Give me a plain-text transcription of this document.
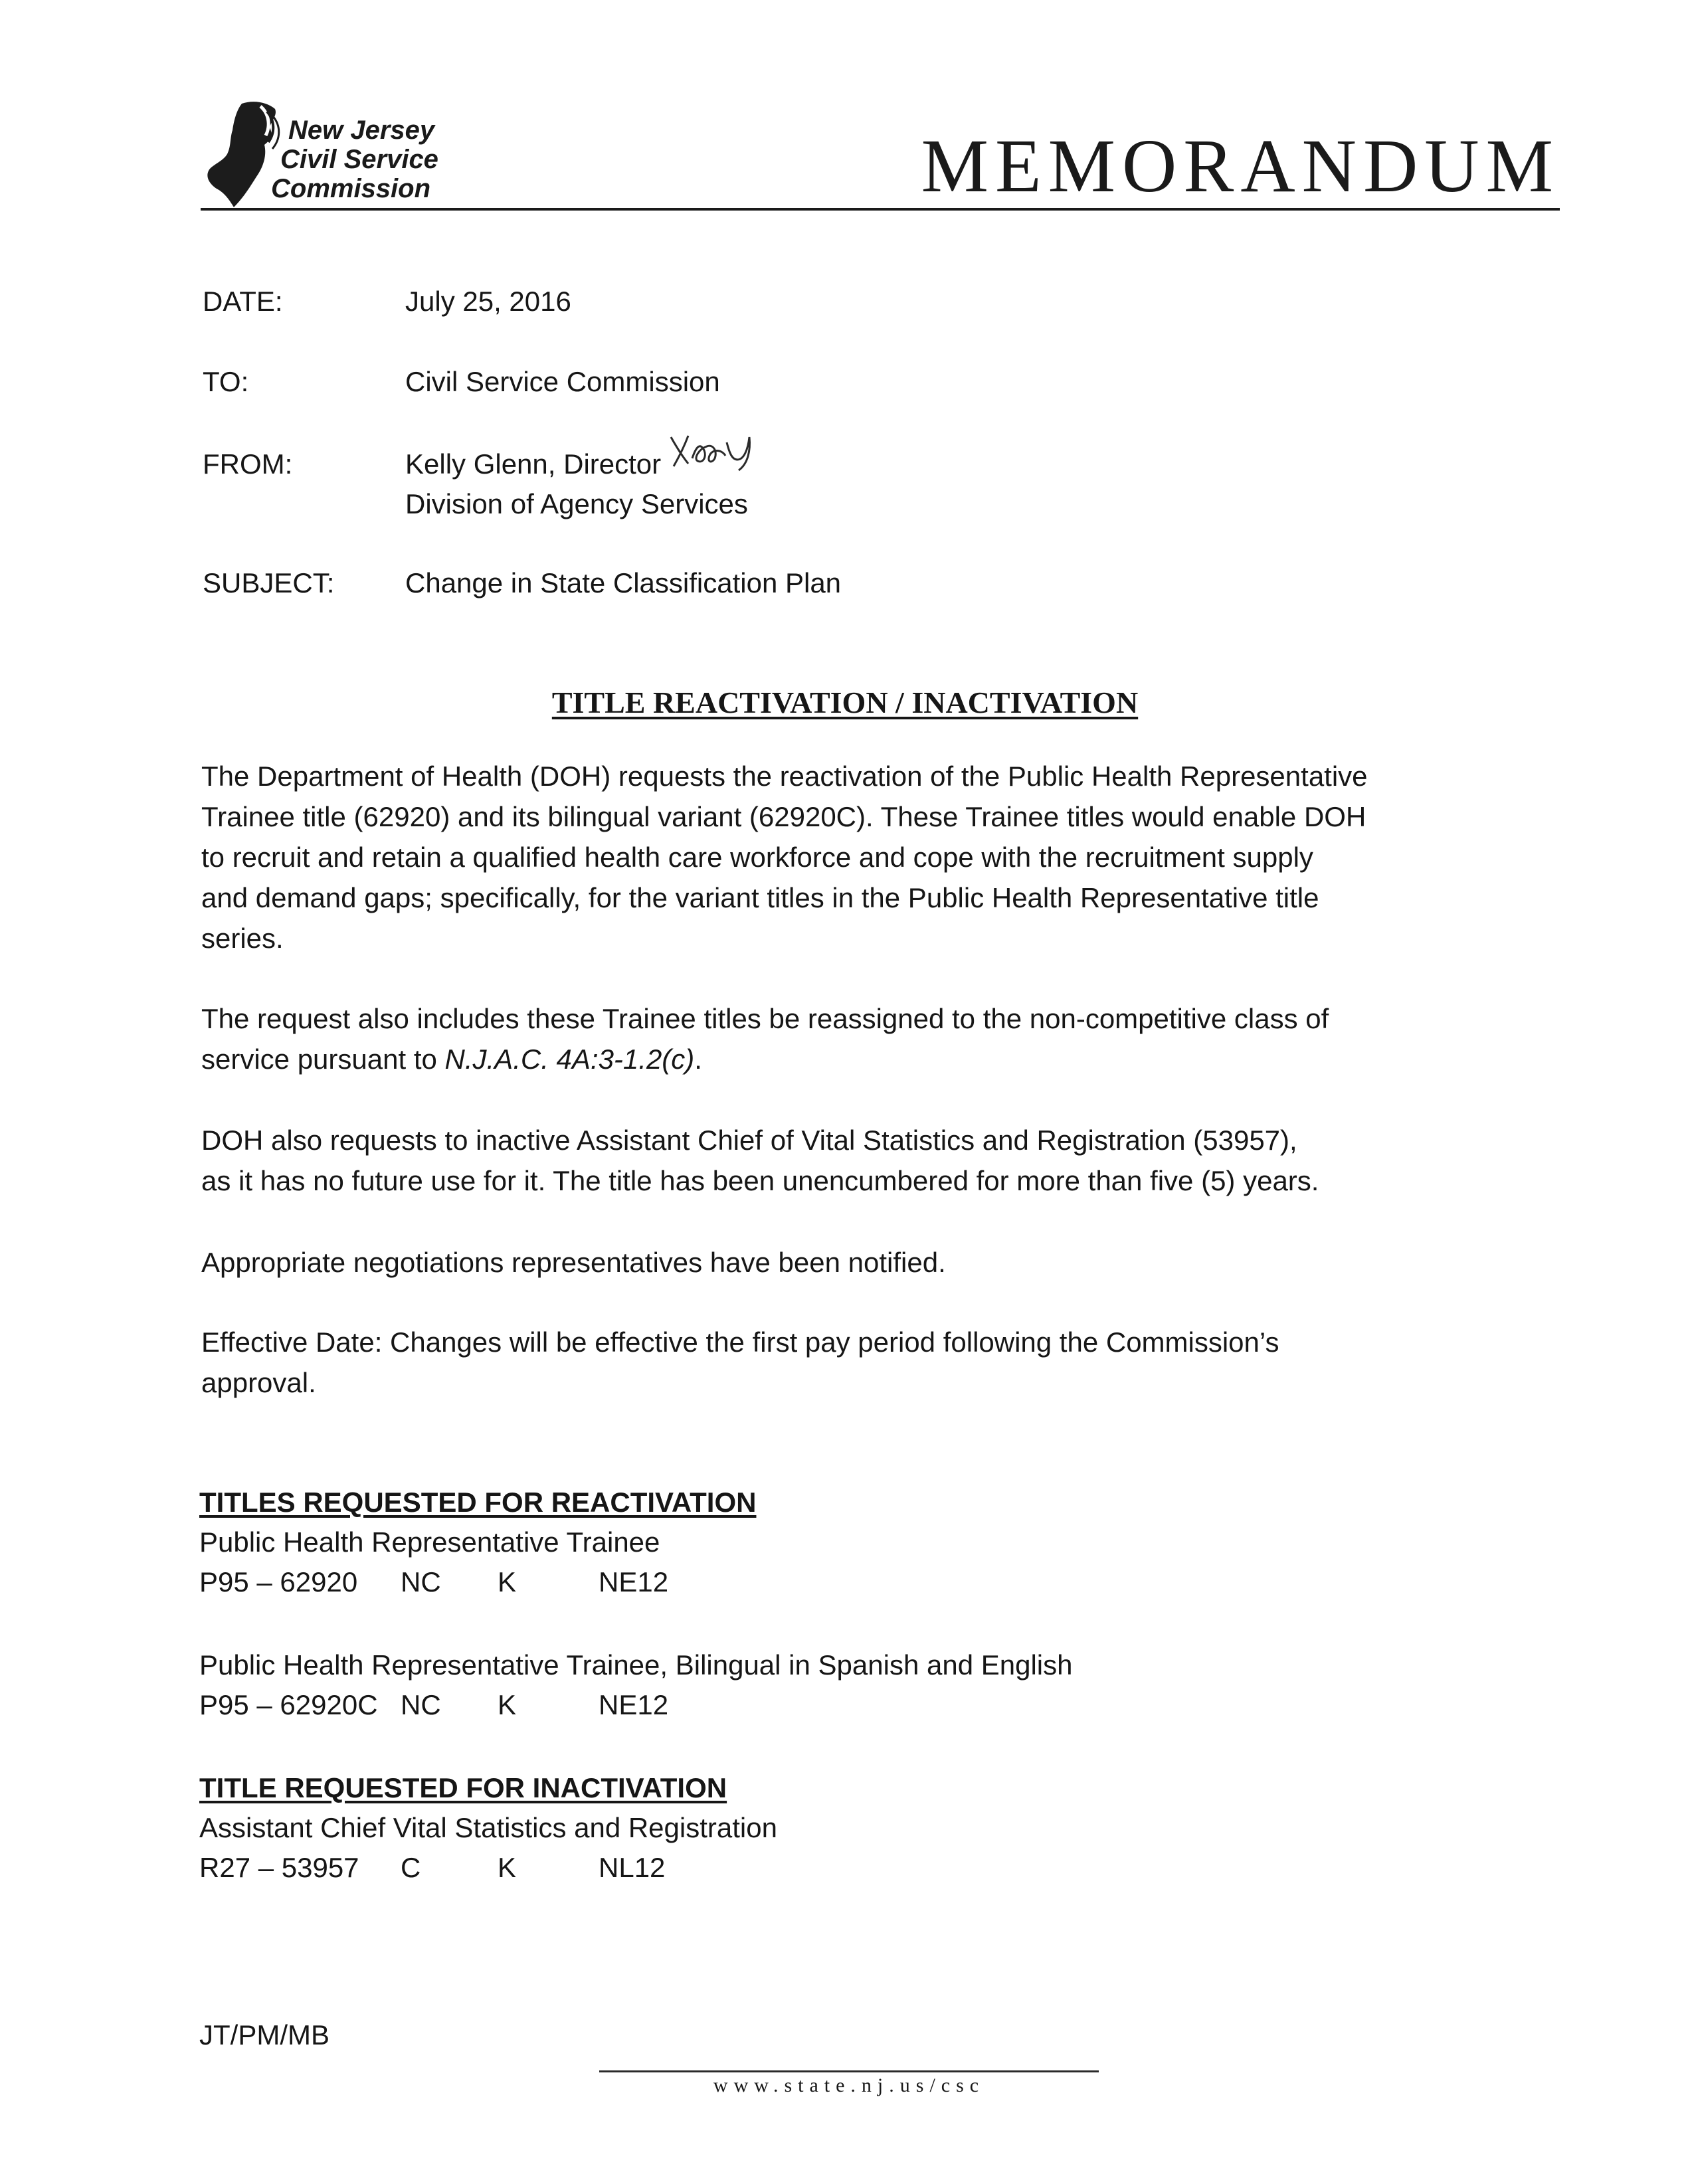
New Jersey
Civil Service
Commission	MEMORANDUM
DATE:	July 25, 2016
TO:	Civil Service Commission
FROM:	Kelly Glenn, Director
Division of Agency Services
SUBJECT:	Change in State Classification Plan
TITLE REACTIVATION / INACTIVATION
The Department of Health (DOH) requests the reactivation of the Public Health Representative
Trainee title (62920) and its bilingual variant (62920C). These Trainee titles would enable DOH
to recruit and retain a qualified health care workforce and cope with the recruitment supply
and demand gaps; specifically, for the variant titles in the Public Health Representative title
series.
The request also includes these Trainee titles be reassigned to the non-competitive class of
service pursuant to N.J.A.C. 4A:3-1.2(c).
DOH also requests to inactive Assistant Chief of Vital Statistics and Registration (53957),
as it has no future use for it. The title has been unencumbered for more than five (5) years.
Appropriate negotiations representatives have been notified.
Effective Date: Changes will be effective the first pay period following the Commission’s
approval.
TITLES REQUESTED FOR REACTIVATION
Public Health Representative Trainee
P95 – 62920 NC K	NE12
Public Health Representative Trainee, Bilingual in Spanish and English
P95 – 62920C NC K	NE12
TITLE REQUESTED FOR INACTIVATION
Assistant Chief Vital Statistics and Registration
R27 – 53957 C	K	NL12
JT/PM/MB
www.state.nj.us/csc
